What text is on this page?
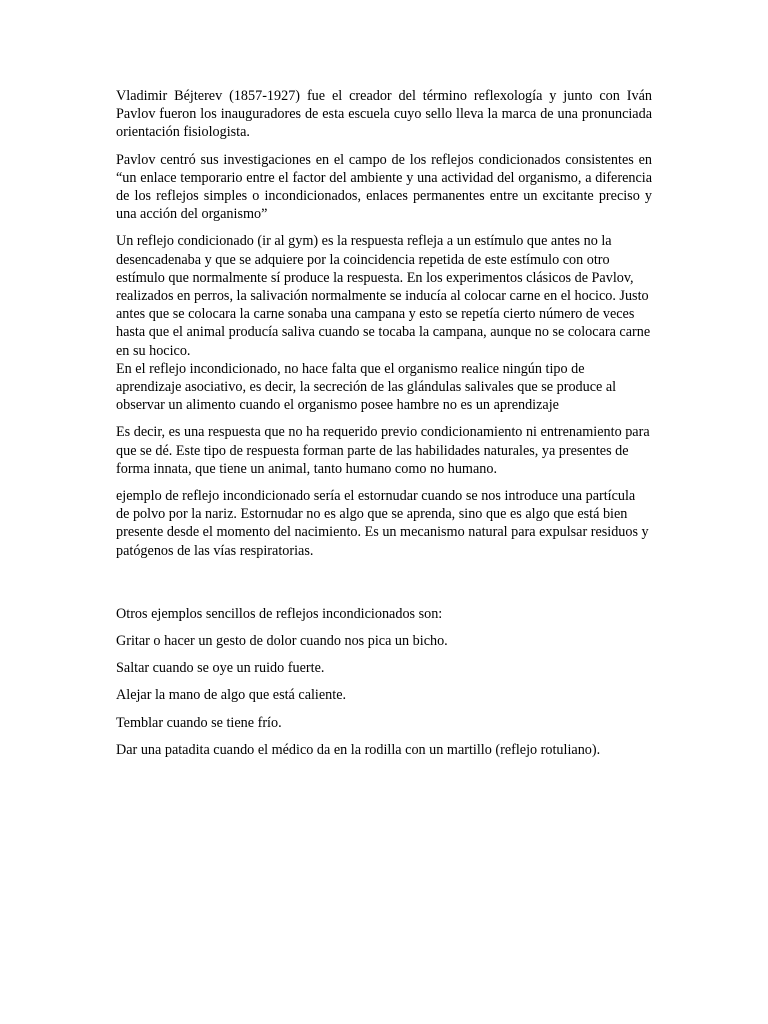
Vladimir Béjterev (1857-1927) fue el creador del término reflexología y junto con Iván Pavlov fueron los inauguradores de esta escuela cuyo sello lleva la marca de una pronunciada orientación fisiologista.

Pavlov centró sus investigaciones en el campo de los reflejos condicionados consistentes en “un enlace temporario entre el factor del ambiente y una actividad del organismo, a diferencia de los reflejos simples o incondicionados, enlaces permanentes entre un excitante preciso y una acción del organismo”

Un reflejo condicionado (ir al gym) es la respuesta refleja a un estímulo que antes no la desencadenaba y que se adquiere por la coincidencia repetida de este estímulo con otro estímulo que normalmente sí produce la respuesta. En los experimentos clásicos de Pavlov, realizados en perros, la salivación normalmente se inducía al colocar carne en el hocico. Justo antes que se colocara la carne sonaba una campana y esto se repetía cierto número de veces hasta que el animal producía saliva cuando se tocaba la campana, aunque no se colocara carne en su hocico.

En el reflejo incondicionado, no hace falta que el organismo realice ningún tipo de aprendizaje asociativo, es decir, la secreción de las glándulas salivales que se produce al observar un alimento cuando el organismo posee hambre no es un aprendizaje

Es decir, es una respuesta que no ha requerido previo condicionamiento ni entrenamiento para que se dé. Este tipo de respuesta forman parte de las habilidades naturales, ya presentes de forma innata, que tiene un animal, tanto humano como no humano.

ejemplo de reflejo incondicionado sería el estornudar cuando se nos introduce una partícula de polvo por la nariz. Estornudar no es algo que se aprenda, sino que es algo que está bien presente desde el momento del nacimiento. Es un mecanismo natural para expulsar residuos y patógenos de las vías respiratorias.

Otros ejemplos sencillos de reflejos incondicionados son:

Gritar o hacer un gesto de dolor cuando nos pica un bicho.

Saltar cuando se oye un ruido fuerte.

Alejar la mano de algo que está caliente.

Temblar cuando se tiene frío.

Dar una patadita cuando el médico da en la rodilla con un martillo (reflejo rotuliano).
